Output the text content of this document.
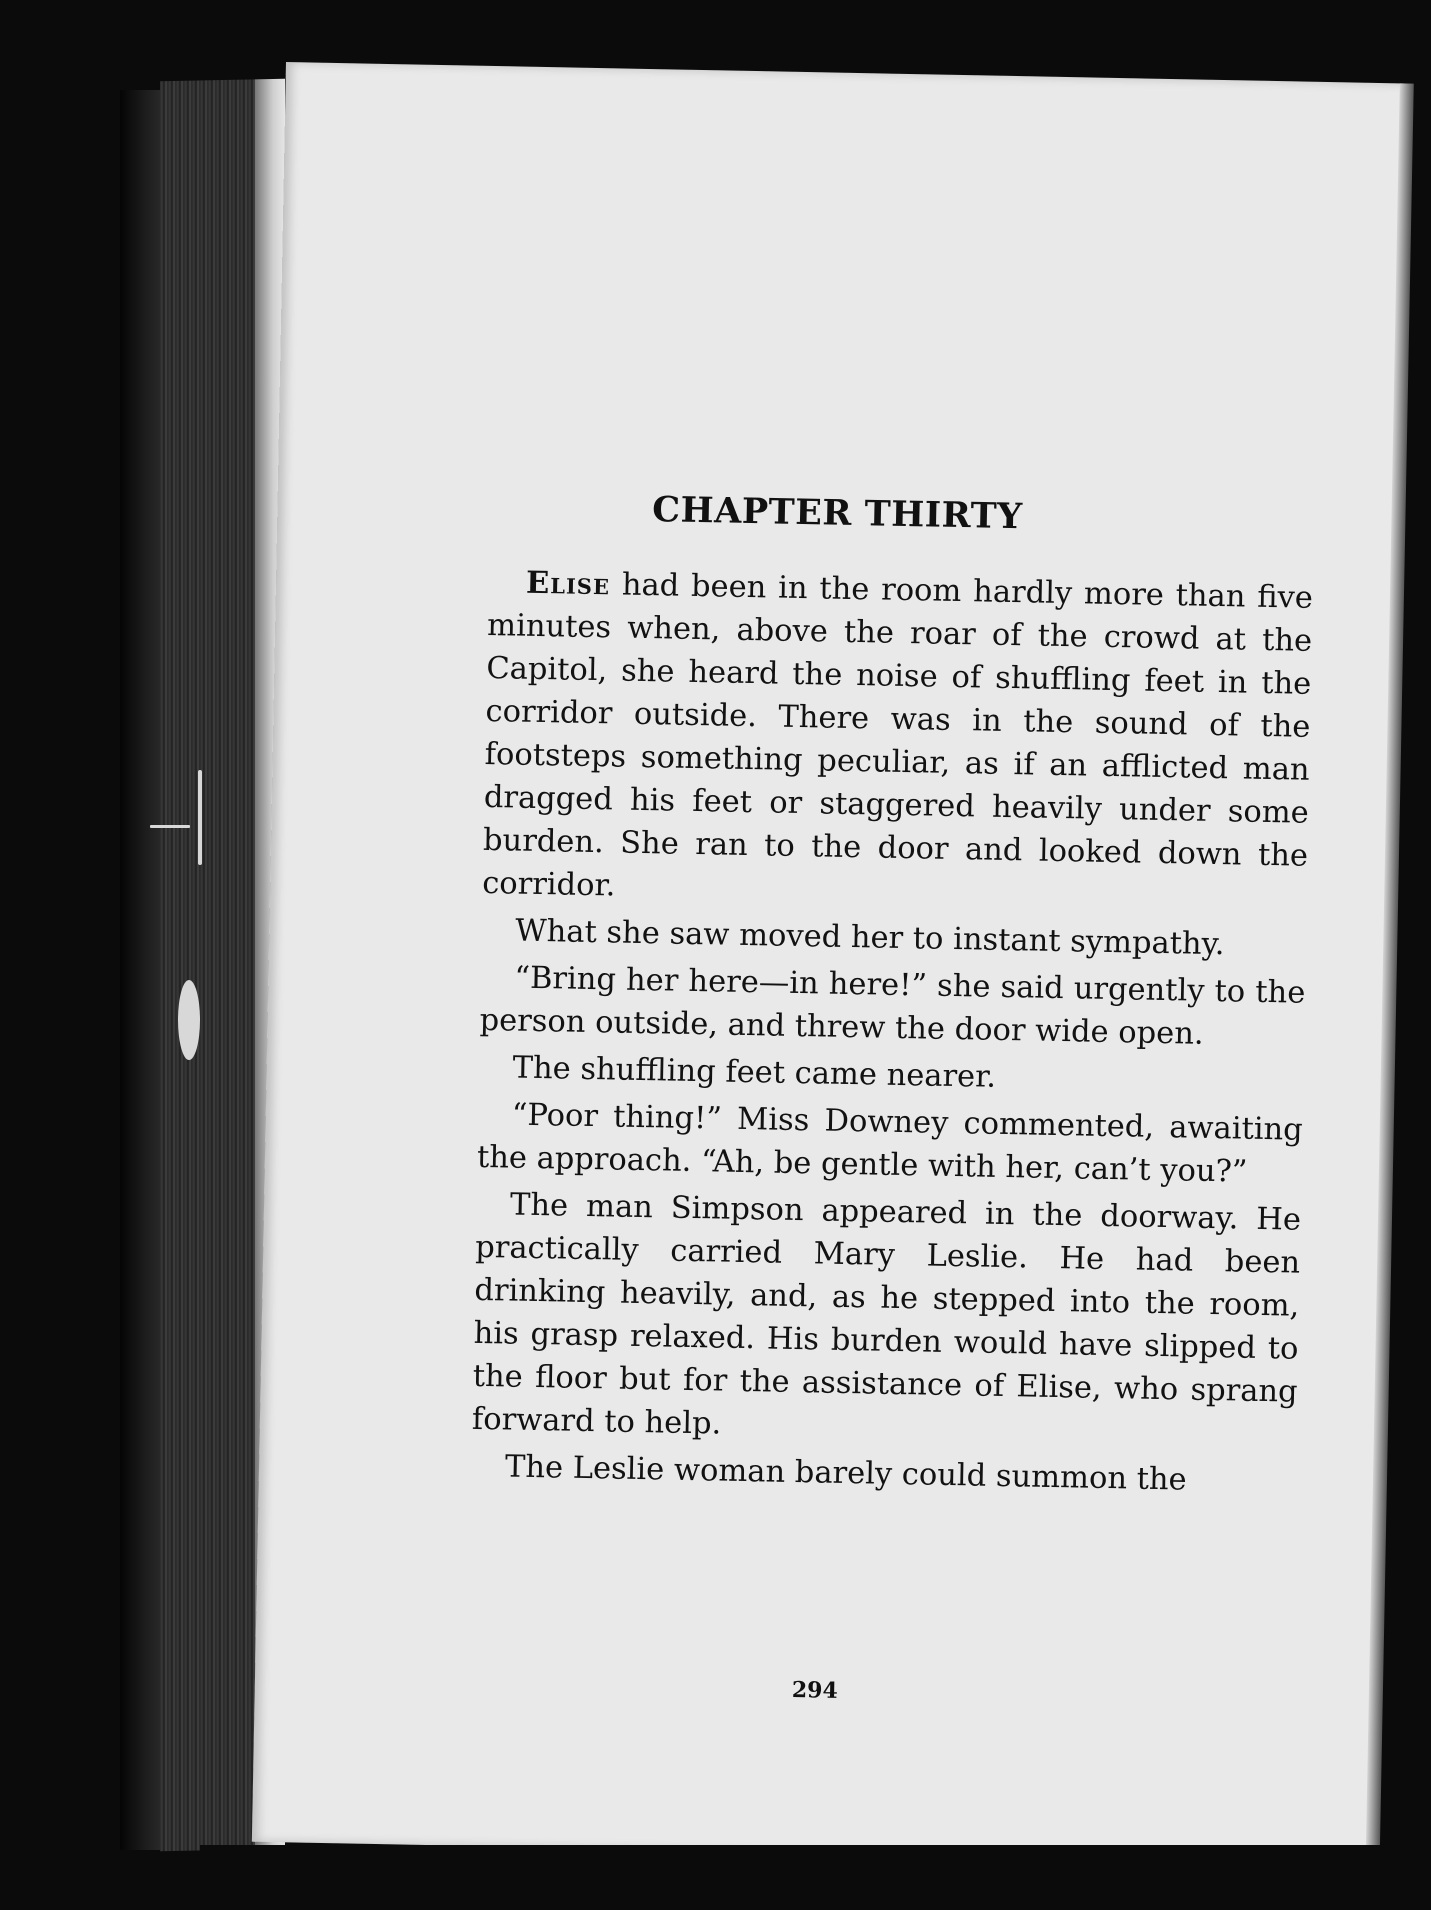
CHAPTER THIRTY

Elise had been in the room hardly more than five minutes when, above the roar of the crowd at the Capitol, she heard the noise of shuffling feet in the corridor outside. There was in the sound of the footsteps something peculiar, as if an afflicted man dragged his feet or staggered heavily under some burden. She ran to the door and looked down the corridor.

What she saw moved her to instant sympathy.

“Bring her here—in here!” she said urgently to the person outside, and threw the door wide open.

The shuffling feet came nearer.

“Poor thing!” Miss Downey commented, awaiting the approach. “Ah, be gentle with her, can’t you?”

The man Simpson appeared in the doorway. He practically carried Mary Leslie. He had been drinking heavily, and, as he stepped into the room, his grasp relaxed. His burden would have slipped to the floor but for the assistance of Elise, who sprang forward to help.

The Leslie woman barely could summon the

294
